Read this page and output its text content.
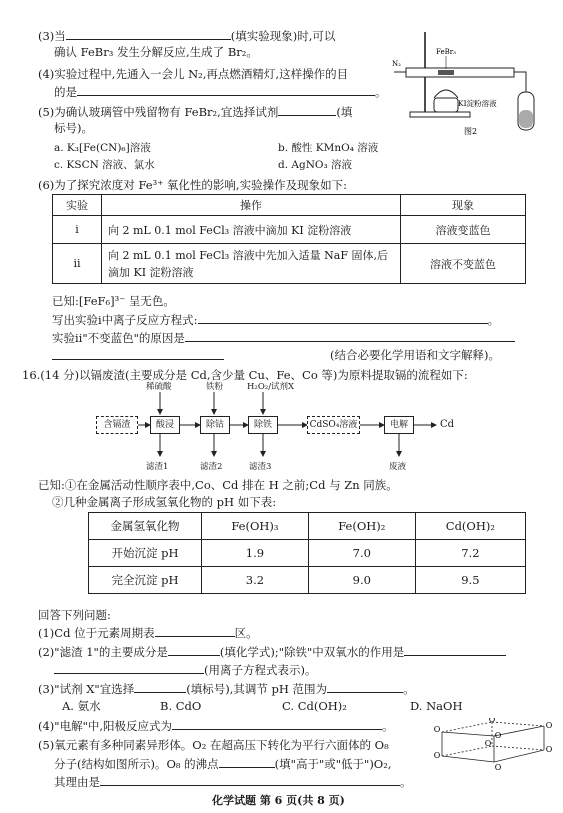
(3)当	(填实验现象)时,可以
确认 FeBr₃ 发生分解反应,生成了 Br₂。
(4)实验过程中,先通入一会儿 N₂,再点燃酒精灯,这样操作的目
的是	。
(5)为确认玻璃管中残留物有 FeBr₂,宜选择试剂	(填
标号)。
a. K₃[Fe(CN)₆]溶液	b. 酸性 KMnO₄ 溶液
c. KSCN 溶液、氯水	d. AgNO₃ 溶液
N₂
FeBr₃
KI淀粉溶液
图2
(6)为了探究浓度对 Fe³⁺ 氧化性的影响,实验操作及现象如下:
实验	操作	现象
ⅰ	向 2 mL 0.1 mol FeCl₃ 溶液中滴加 KI 淀粉溶液	溶液变蓝色
ⅱ	向 2 mL 0.1 mol FeCl₃ 溶液中先加入适量 NaF 固体,后滴加 KI 淀粉溶液	溶液不变蓝色
已知:[FeF₆]³⁻ 呈无色。
写出实验ⅰ中离子反应方程式:	。
实验ⅱ"不变蓝色"的原因是
(结合必要化学用语和文字解释)。
16.(14 分)以镉废渣(主要成分是 Cd,含少量 Cu、Fe、Co 等)为原料提取镉的流程如下:
稀硫酸	铁粉	H₂O₂/试剂X
含镉渣	酸浸	除钴	除铁	CdSO₄溶液	电解	Cd
滤渣1	滤渣2	滤渣3	废液
已知:①在金属活动性顺序表中,Co、Cd 排在 H 之前;Cd 与 Zn 同族。
②几种金属离子形成氢氧化物的 pH 如下表:
金属氢氧化物	Fe(OH)₃	Fe(OH)₂	Cd(OH)₂
开始沉淀 pH	1.9	7.0	7.2
完全沉淀 pH	3.2	9.0	9.5
回答下列问题:
(1)Cd 位于元素周期表	区。
(2)"滤渣 1"的主要成分是	(填化学式);"除铁"中双氧水的作用是
(用离子方程式表示)。
(3)"试剂 X"宜选择	(填标号),其调节 pH 范围为	。
A. 氨水	B. CdO	C. Cd(OH)₂	D. NaOH
(4)"电解"中,阳极反应式为	。
(5)氧元素有多种同素异形体。O₂ 在超高压下转化为平行六面体的 O₈
分子(结构如图所示)。O₈ 的沸点	(填"高于"或"低于")O₂,
其理由是	。
O
O
O
O
O
O
O
O
化学试题 第 6 页(共 8 页)
